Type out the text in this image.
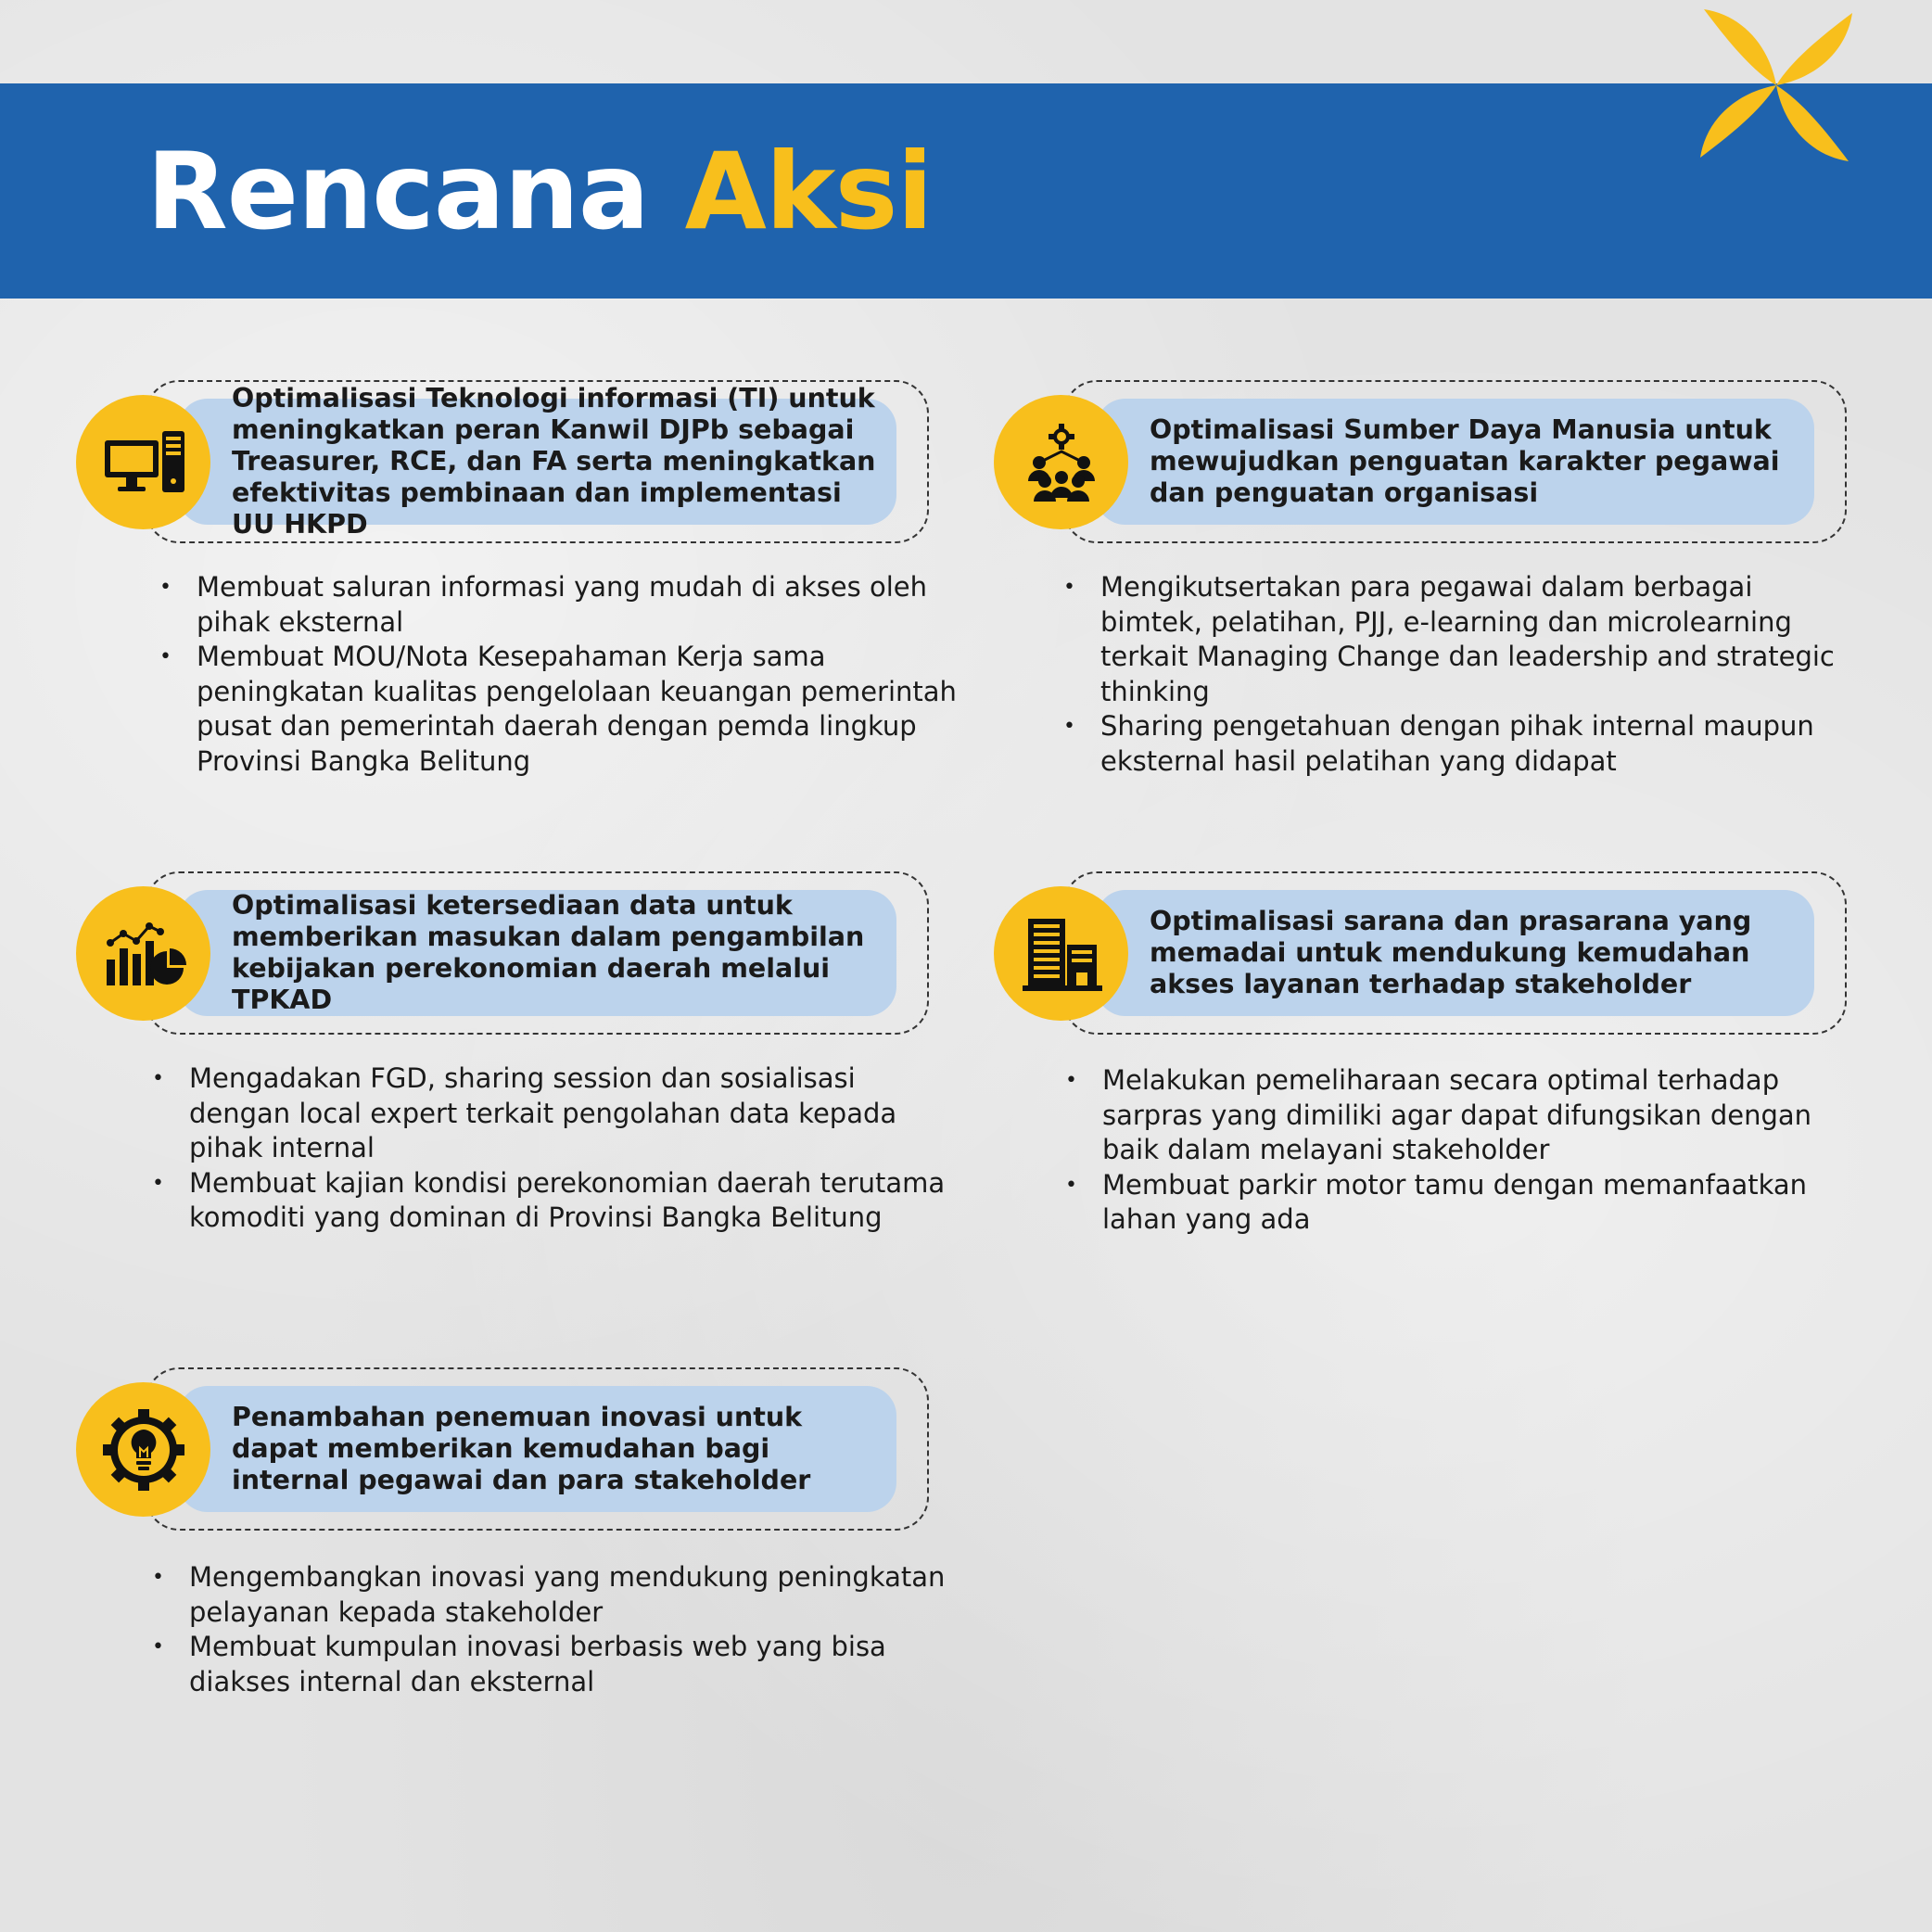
Rencana Aksi
Optimalisasi Teknologi informasi (TI) untuk meningkatkan peran Kanwil DJPb sebagai Treasurer, RCE, dan FA serta meningkatkan efektivitas pembinaan dan implementasi UU HKPD
• Membuat saluran informasi yang mudah di akses oleh pihak eksternal
• Membuat MOU/Nota Kesepahaman Kerja sama peningkatan kualitas pengelolaan keuangan pemerintah pusat dan pemerintah daerah dengan pemda lingkup Provinsi Bangka Belitung
Optimalisasi Sumber Daya Manusia untuk mewujudkan penguatan karakter pegawai dan penguatan organisasi
• Mengikutsertakan para pegawai dalam berbagai bimtek, pelatihan, PJJ, e-learning dan microlearning terkait Managing Change dan leadership and strategic thinking
• Sharing pengetahuan dengan pihak internal maupun eksternal hasil pelatihan yang didapat
Optimalisasi ketersediaan data untuk memberikan masukan dalam pengambilan kebijakan perekonomian daerah melalui TPKAD
• Mengadakan FGD, sharing session dan sosialisasi dengan local expert terkait pengolahan data kepada pihak internal
• Membuat kajian kondisi perekonomian daerah terutama komoditi yang dominan di Provinsi Bangka Belitung
Optimalisasi sarana dan prasarana yang memadai untuk mendukung kemudahan akses layanan terhadap stakeholder
• Melakukan pemeliharaan secara optimal terhadap sarpras yang dimiliki agar dapat difungsikan dengan baik dalam melayani stakeholder
• Membuat parkir motor tamu dengan memanfaatkan lahan yang ada
Penambahan penemuan inovasi untuk dapat memberikan kemudahan bagi internal pegawai dan para stakeholder
• Mengembangkan inovasi yang mendukung peningkatan pelayanan kepada stakeholder
• Membuat kumpulan inovasi berbasis web yang bisa diakses internal dan eksternal
